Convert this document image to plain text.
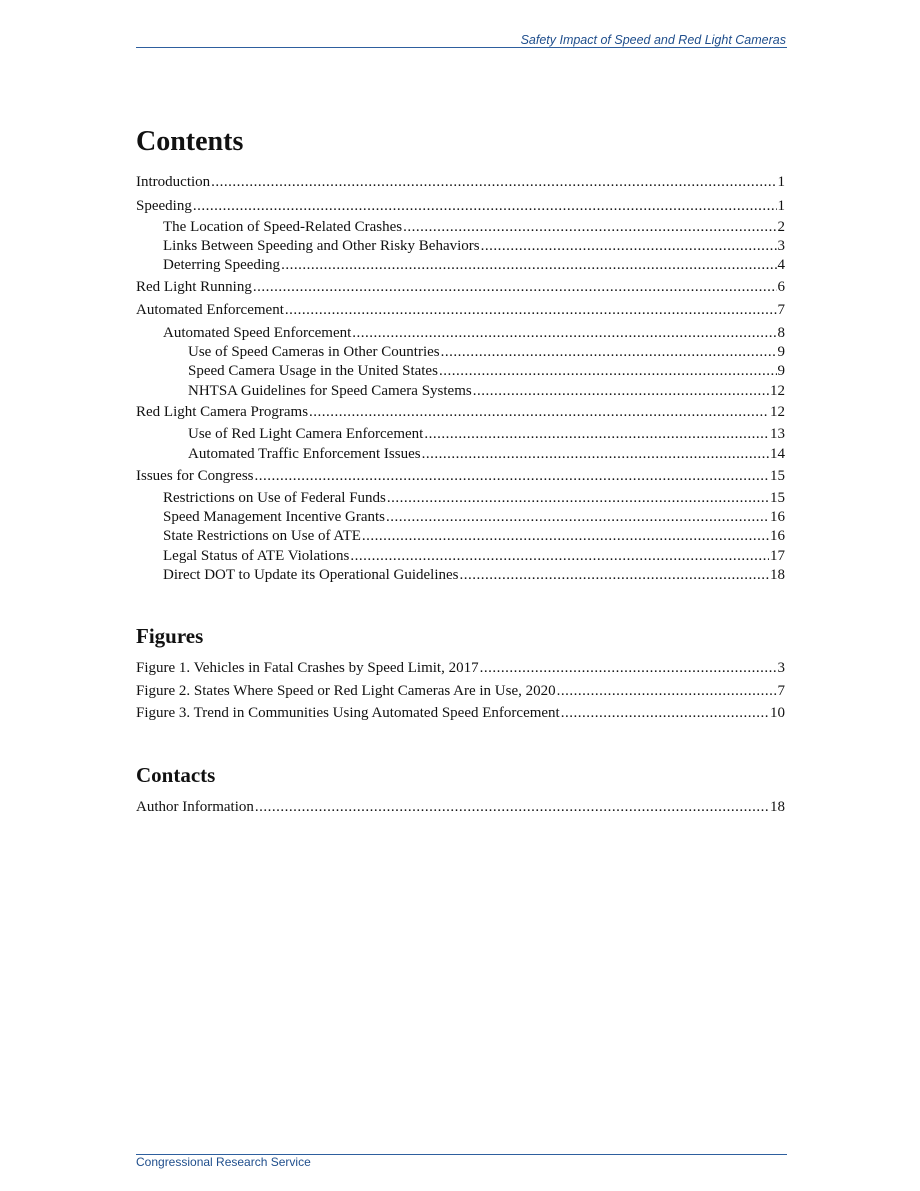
Safety Impact of Speed and Red Light Cameras
Contents
Introduction .....	1
Speeding .....	1
The Location of Speed-Related Crashes .....	2
Links Between Speeding and Other Risky Behaviors .....	3
Deterring Speeding .....	4
Red Light Running .....	6
Automated Enforcement .....	7
Automated Speed Enforcement .....	8
Use of Speed Cameras in Other Countries .....	9
Speed Camera Usage in the United States .....	9
NHTSA Guidelines for Speed Camera Systems .....	12
Red Light Camera Programs .....	12
Use of Red Light Camera Enforcement .....	13
Automated Traffic Enforcement Issues .....	14
Issues for Congress .....	15
Restrictions on Use of Federal Funds .....	15
Speed Management Incentive Grants .....	16
State Restrictions on Use of ATE .....	16
Legal Status of ATE Violations .....	17
Direct DOT to Update its Operational Guidelines .....	18
Figures
Figure 1. Vehicles in Fatal Crashes by Speed Limit, 2017 .....	3
Figure 2. States Where Speed or Red Light Cameras Are in Use, 2020 .....	7
Figure 3. Trend in Communities Using Automated Speed Enforcement .....	10
Contacts
Author Information .....	18
Congressional Research Service
